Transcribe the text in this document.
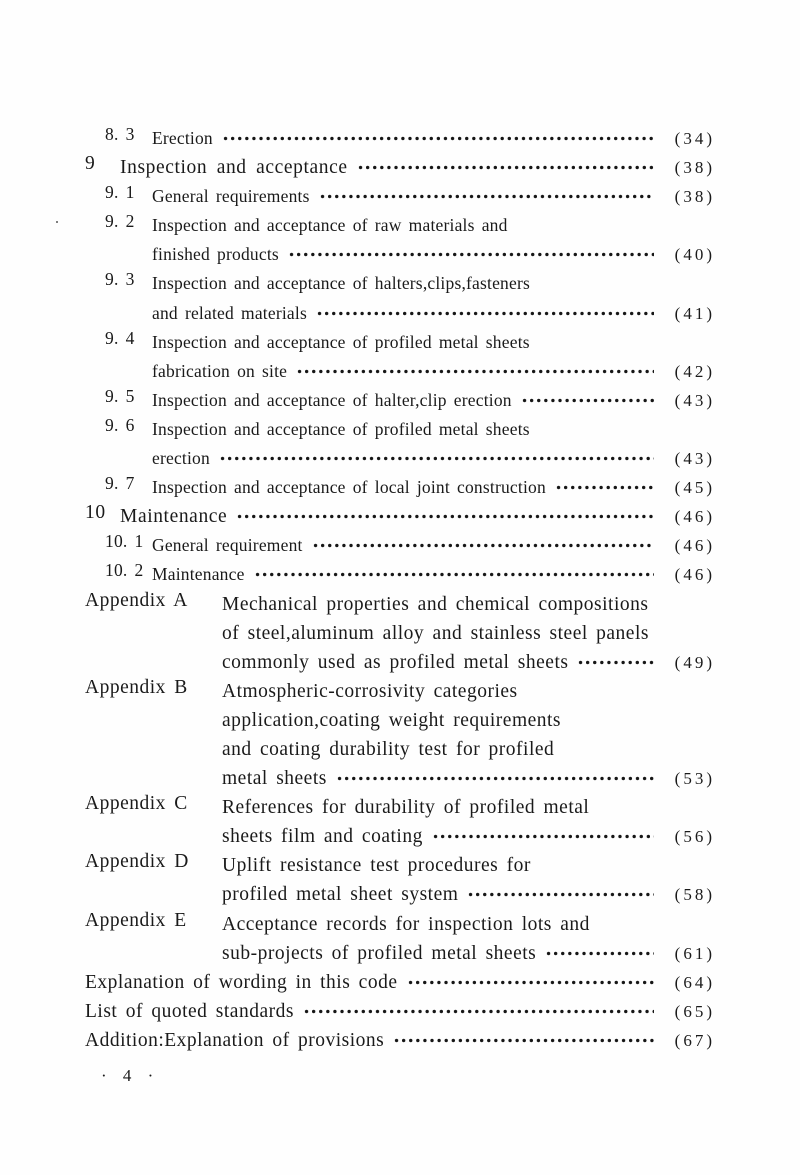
8. 3 Erection	(34)
9	Inspection and acceptance	(38)
9. 1 General requirements	(38)
9. 2 Inspection and acceptance of raw materials and
finished products	(40)
9. 3 Inspection and acceptance of halters,clips,fasteners
and related materials	(41)
9. 4 Inspection and acceptance of profiled metal sheets
fabrication on site	(42)
9. 5 Inspection and acceptance of halter,clip erection	(43)
9. 6 Inspection and acceptance of profiled metal sheets
erection	(43)
9. 7 Inspection and acceptance of local joint construction	(45)
10 Maintenance	(46)
10. 1 General requirement	(46)
10. 2 Maintenance	(46)
Appendix A	Mechanical properties and chemical compositions
of steel,aluminum alloy and stainless steel panels
commonly used as profiled metal sheets	(49)
Appendix B	Atmospheric-corrosivity categories
application,coating weight requirements
and coating durability test for profiled
metal sheets	(53)
Appendix C	References for durability of profiled metal
sheets film and coating	(56)
Appendix D	Uplift resistance test procedures for
profiled metal sheet system	(58)
Appendix E	Acceptance records for inspection lots and
sub-projects of profiled metal sheets	(61)
Explanation of wording in this code	(64)
List of quoted standards	(65)
Addition:Explanation of provisions	(67)
· 4 ·
